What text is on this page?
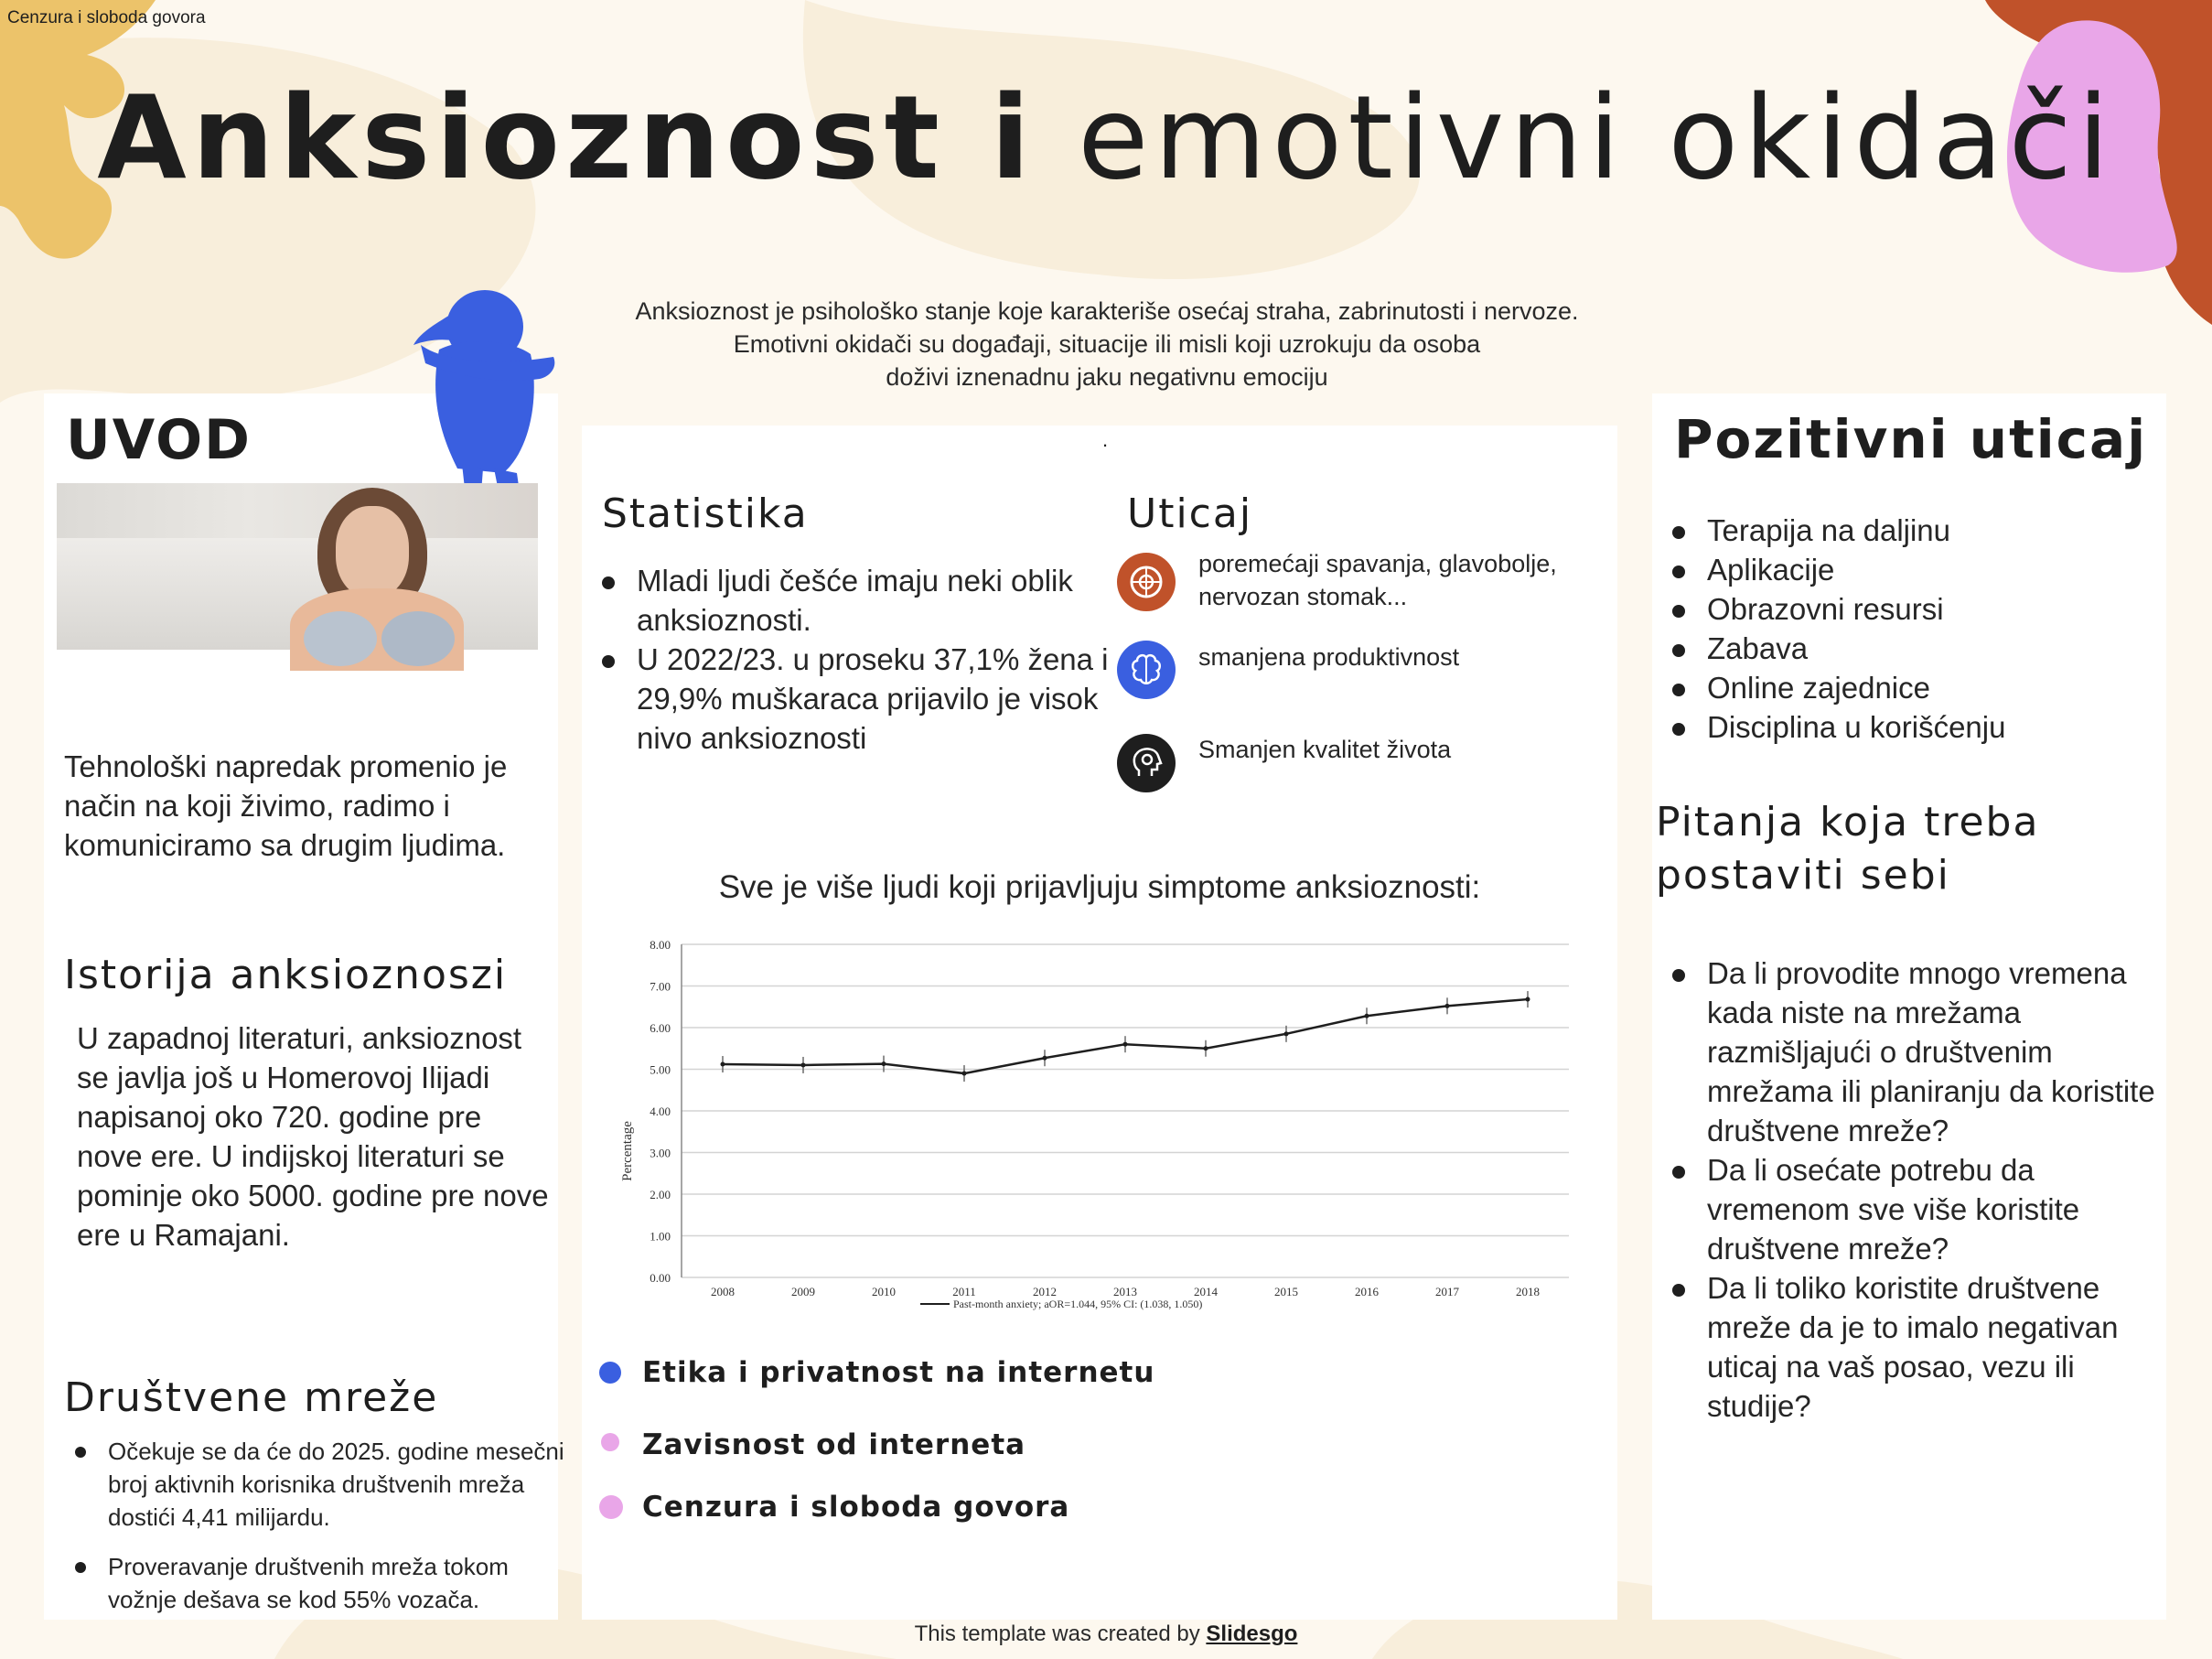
Cenzura i sloboda govora
Anksioznost i emotivni okidači
Anksioznost je psihološko stanje koje karakteriše osećaj straha, zabrinutosti i nervoze.
Emotivni okidači su događaji, situacije ili misli koji uzrokuju da osoba
doživi iznenadnu jaku negativnu emociju
.
UVOD
Tehnološki napredak promenio je način na koji živimo, radimo i komuniciramo sa drugim ljudima.
Istorija anksioznoszi
U zapadnoj literaturi, anksioznost se javlja još u Homerovoj Ilijadi napisanoj oko 720. godine pre nove ere. U indijskoj literaturi se pominje oko 5000. godine pre nove ere u Ramajani.
Društvene mreže
Očekuje se da će do 2025. godine mesečni broj aktivnih korisnika društvenih mreža dostići 4,41 milijardu.
Proveravanje društvenih mreža tokom vožnje dešava se kod 55% vozača.
Statistika
Mladi ljudi češće imaju neki oblik anksioznosti.
U 2022/23. u proseku 37,1% žena i 29,9% muškaraca prijavilo je visok nivo anksioznosti
Uticaj
poremećaji spavanja, glavobolje, nervozan stomak...
smanjena produktivnost
Smanjen kvalitet života
Sve je više ljudi koji prijavljuju simptome anksioznosti:
0.00
1.00
2.00
3.00
4.00
5.00
6.00
7.00
8.00
2008	2009	2010	2011	2012	2013	2014	2015	2016	2017	2018
Percentage
Past-month anxiety; aOR=1.044, 95% CI: (1.038, 1.050)
Etika i privatnost na internetu
Zavisnost od interneta
Cenzura i sloboda govora
Pozitivni uticaj
Terapija na daljinu
Aplikacije
Obrazovni resursi
Zabava
Online zajednice
Disciplina u korišćenju
Pitanja koja treba postaviti sebi
Da li provodite mnogo vremena kada niste na mrežama razmišljajući o društvenim mrežama ili planiranju da koristite društvene mreže?
Da li osećate potrebu da vremenom sve više koristite društvene mreže?
Da li toliko koristite društvene mreže da je to imalo negativan uticaj na vaš posao, vezu ili studije?
This template was created by Slidesgo
